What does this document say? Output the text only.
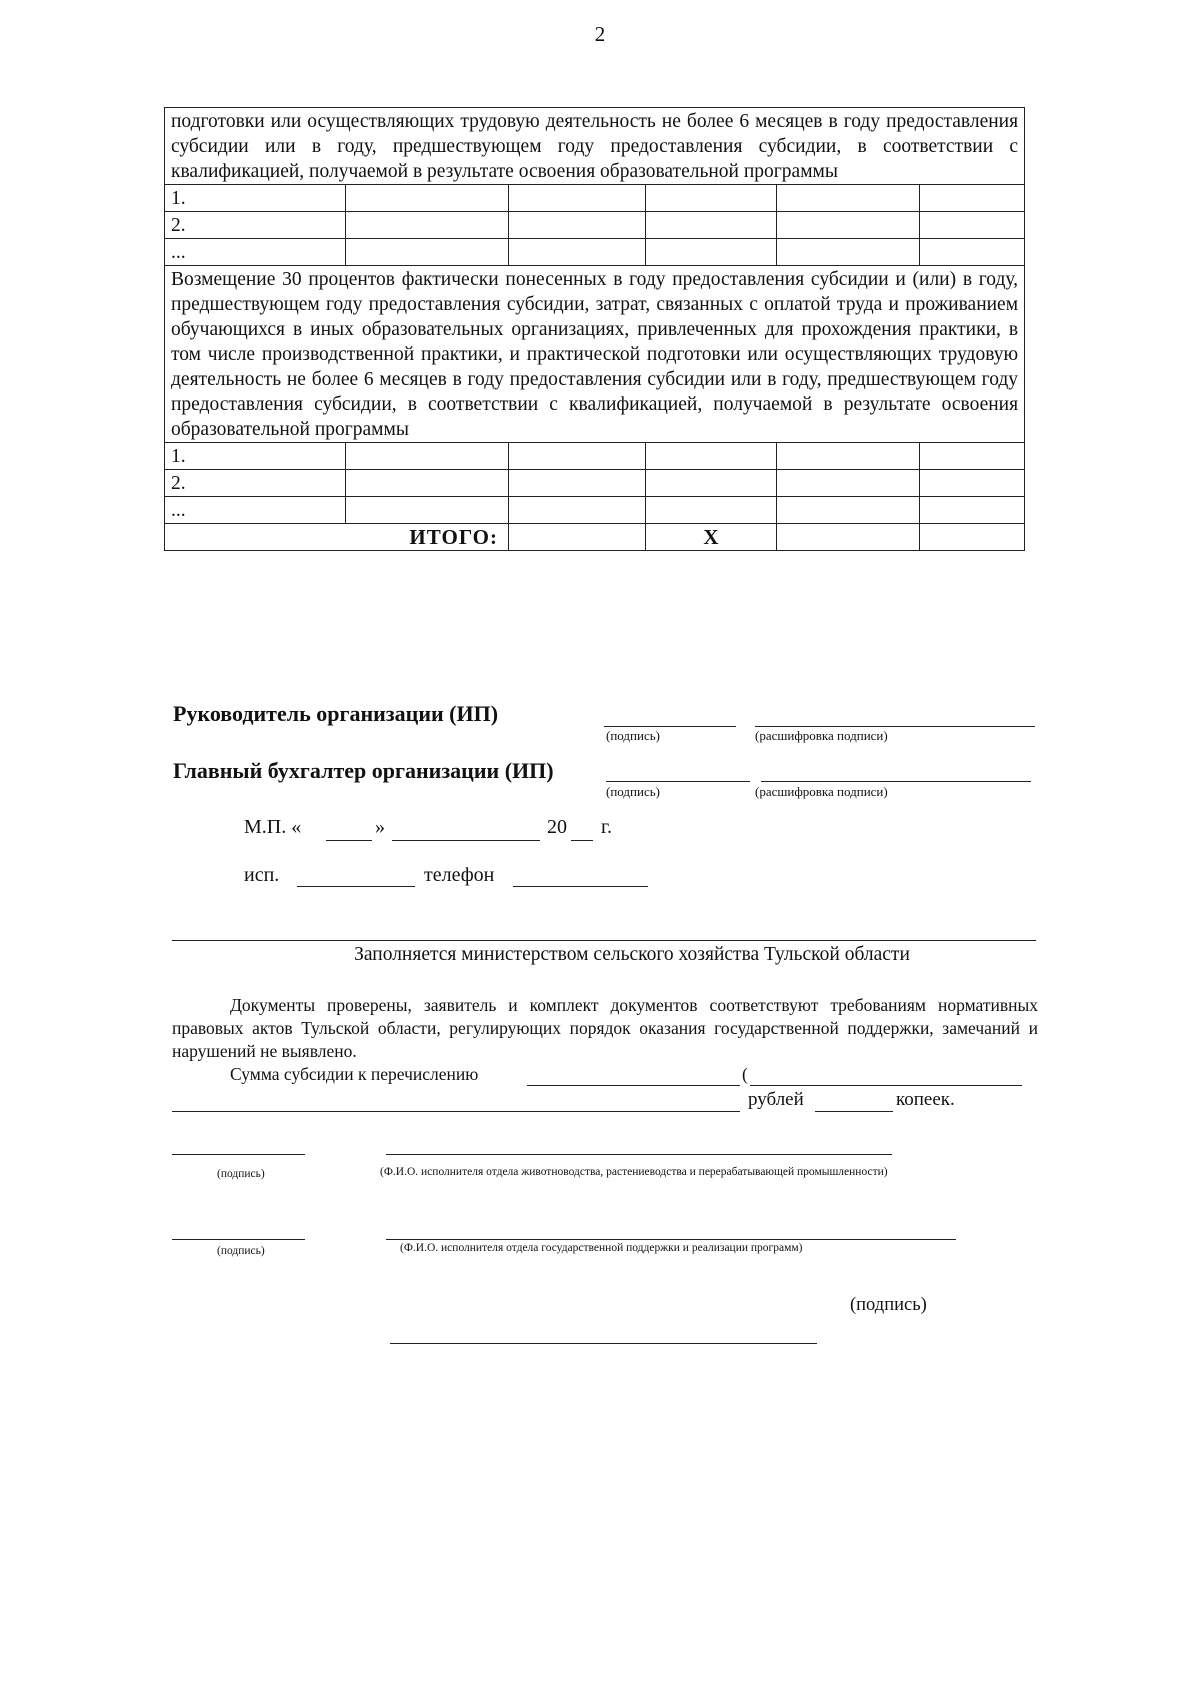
2
подготовки или осуществляющих трудовую деятельность не более 6 месяцев в году предоставления субсидии или в году, предшествующем году предоставления субсидии, в соответствии с квалификацией, получаемой в результате освоения образовательной программы					
1.					
2.					
...					
Возмещение 30 процентов фактически понесенных в году предоставления субсидии и (или) в году, предшествующем году предоставления субсидии, затрат, связанных с оплатой труда и проживанием обучающихся в иных образовательных организациях, привлеченных для прохождения практики, в том числе производственной практики, и практической подготовки или осуществляющих трудовую деятельность не более 6 месяцев в году предоставления субсидии или в году, предшествующем году предоставления субсидии, в соответствии с квалификацией, получаемой в результате освоения образовательной программы					
1.					
2.					
...					
ИТОГО:			Х		
Руководитель организации (ИП)
(подпись)	(расшифровка подписи)
Главный бухгалтер организации (ИП)
(подпись)	(расшифровка подписи)
М.П. «	»	20 г.
исп.	телефон
Заполняется министерством сельского хозяйства Тульской области
Документы проверены, заявитель и комплект документов соответствуют требованиям нормативных правовых актов Тульской области, регулирующих порядок оказания государственной поддержки, замечаний и нарушений не выявлено.
Сумма субсидии к перечислению	(
рублей	копеек.
(подпись)	(Ф.И.О. исполнителя отдела животноводства, растениеводства и перерабатывающей промышленности)
(подпись)	(Ф.И.О. исполнителя отдела государственной поддержки и реализации программ)
(подпись)
